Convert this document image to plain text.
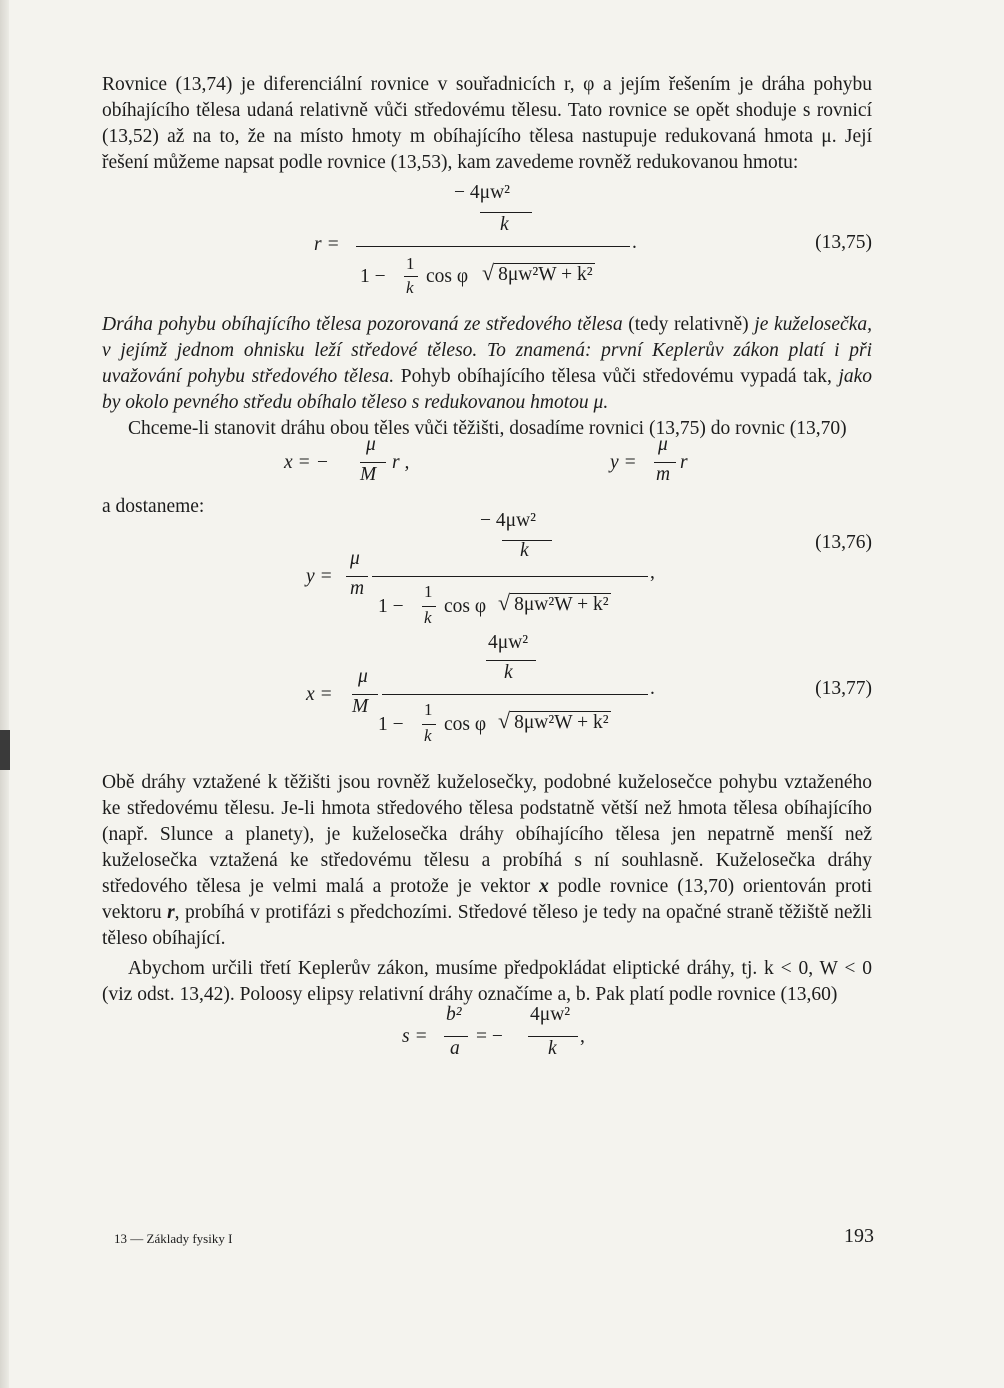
Rovnice (13,74) je diferenciální rovnice v souřadnicích r, φ a jejím řešením je dráha pohybu obíhajícího tělesa udaná relativně vůči středovému tělesu. Tato rovnice se opět shoduje s rovnicí (13,52) až na to, že na místo hmoty m obíhajícího tělesa nastupuje redukovaná hmota μ. Její řešení můžeme napsat podle rovnice (13,53), kam zavedeme rovněž redukovanou hmotu:

r =
− 4μw²
k
.
1 −
1
k
cos φ √ 8μw²W + k²
(13,75)

Dráha pohybu obíhajícího tělesa pozorovaná ze středového tělesa (tedy relativně) je kuželosečka, v jejímž jednom ohnisku leží středové těleso. To znamená: první Keplerův zákon platí i při uvažování pohybu středového tělesa. Pohyb obíhajícího tělesa vůči středovému vypadá tak, jako by okolo pevného středu obíhalo těleso s redukovanou hmotou μ.

Chceme-li stanovit dráhu obou těles vůči těžišti, dosadíme rovnici (13,75) do rovnic (13,70)

x = −
μ
M
r ,	y =
μ
m
r

a dostaneme:

y =
μ
m
− 4μw²
k
,
1 −
1
k
cos φ √ 8μw²W + k²
(13,76)
x =
μ
M
4μw²
k
.
1 −
1
k
cos φ √ 8μw²W + k²
(13,77)

Obě dráhy vztažené k těžišti jsou rovněž kuželosečky, podobné kuželosečce pohybu vztaženého ke středovému tělesu. Je-li hmota středového tělesa podstatně větší než hmota tělesa obíhajícího (např. Slunce a planety), je kuželosečka dráhy obíhajícího tělesa jen nepatrně menší než kuželosečka vztažená ke středovému tělesu a probíhá s ní souhlasně. Kuželosečka dráhy středového tělesa je velmi malá a protože je vektor x podle rovnice (13,70) orientován proti vektoru r, probíhá v protifázi s předchozími. Středové těleso je tedy na opačné straně těžiště nežli těleso obíhající.

Abychom určili třetí Keplerův zákon, musíme předpokládat eliptické dráhy, tj. k < 0, W < 0 (viz odst. 13,42). Poloosy elipsy relativní dráhy označíme a, b. Pak platí podle rovnice (13,60)

s =
b²
a
= −
4μw²
k
,
13 — Základy fysiky I	193
